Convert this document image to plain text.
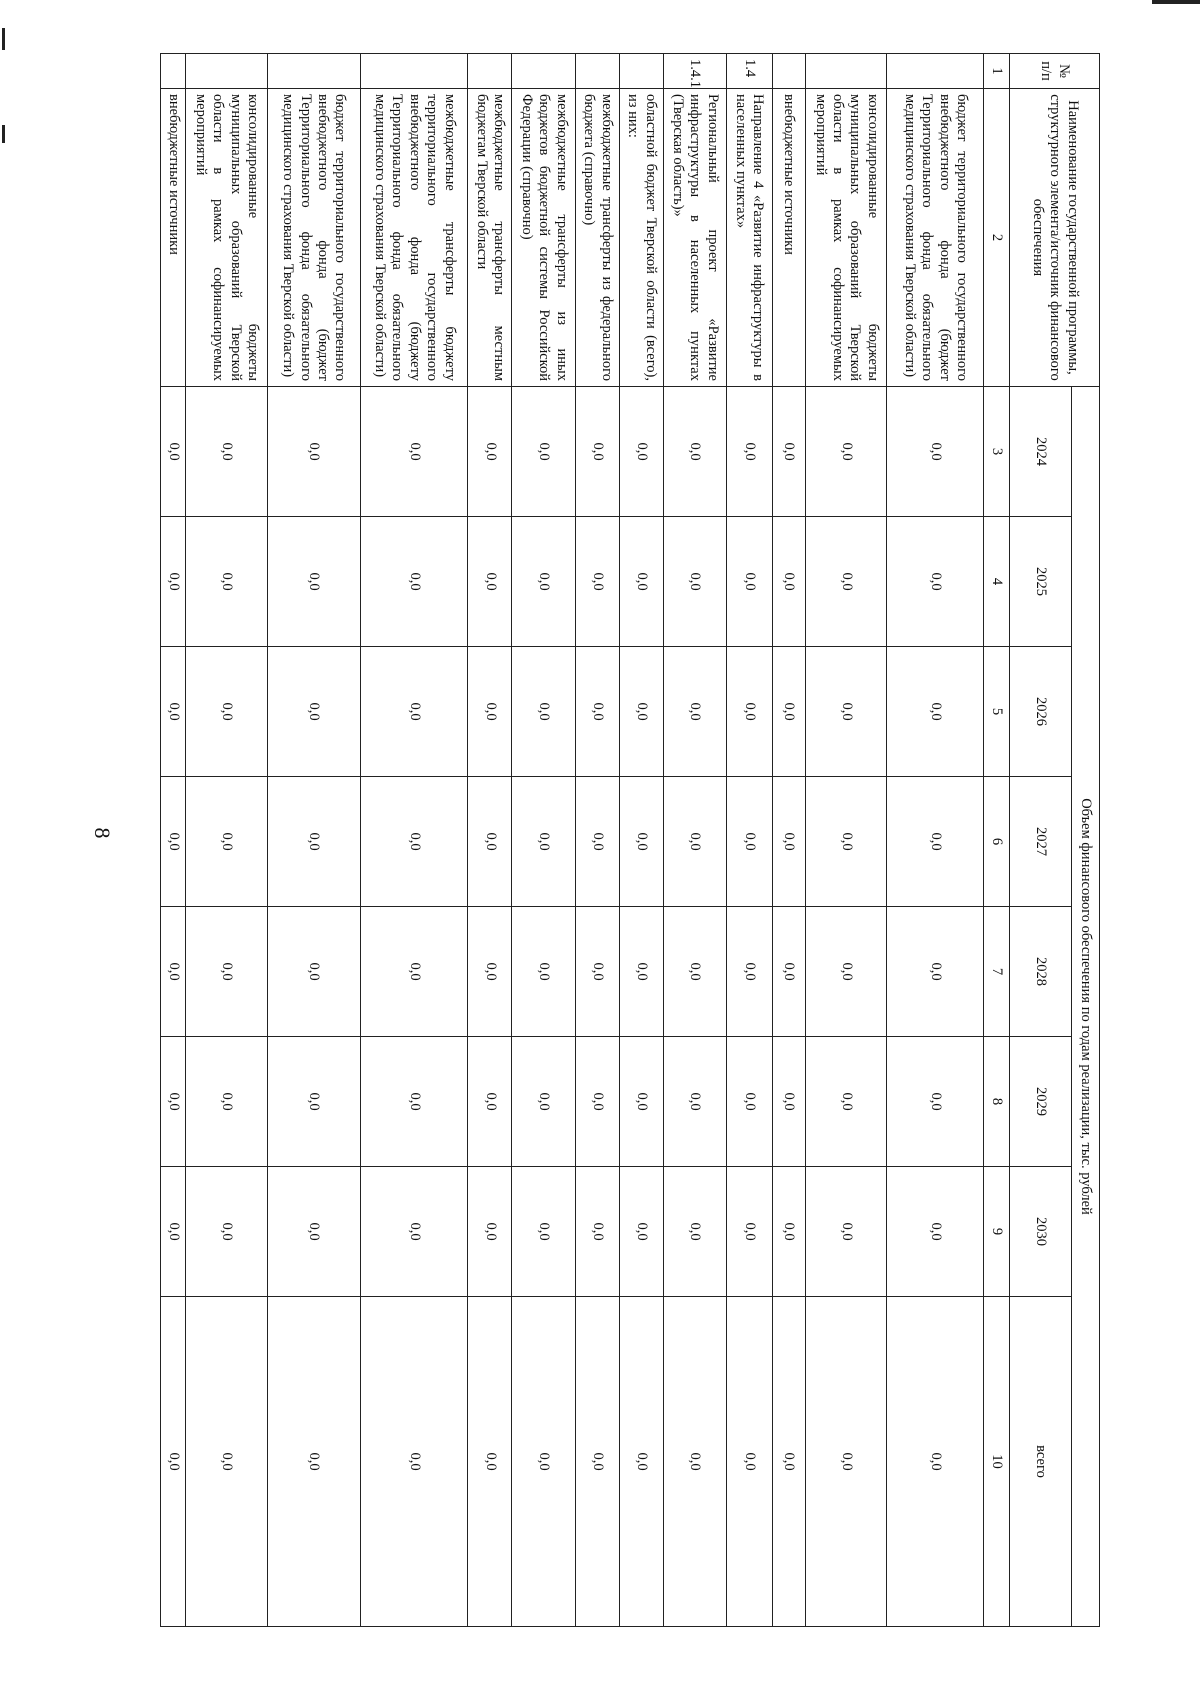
8
№ п/п	Наименование государственной программы, структурного элемента/источник финансового обеспечения	Объем финансового обеспечения по годам реализации, тыс. рублей							
		2024	2025	2026	2027	2028	2029	2030	всего
1	2	3	4	5	6	7	8	9	10
	бюджет территориального государственного внебюджетного фонда (бюджет Территориального фонда обязательного медицинского страхования Тверской области)	0,0	0,0	0,0	0,0	0,0	0,0	0,0	0,0
	консолидированные бюджеты муниципальных образований Тверской области в рамках софинансируемых мероприятий	0,0	0,0	0,0	0,0	0,0	0,0	0,0	0,0
	внебюджетные источники	0,0	0,0	0,0	0,0	0,0	0,0	0,0	0,0
1.4	Направление 4 «Развитие инфраструктуры в населенных пунктах»	0,0	0,0	0,0	0,0	0,0	0,0	0,0	0,0
1.4.1	Региональный проект «Развитие инфраструктуры в населенных пунктах (Тверская область)»	0,0	0,0	0,0	0,0	0,0	0,0	0,0	0,0
	областной бюджет Тверской области (всего), из них:	0,0	0,0	0,0	0,0	0,0	0,0	0,0	0,0
	межбюджетные трансферты из федерального бюджета (справочно)	0,0	0,0	0,0	0,0	0,0	0,0	0,0	0,0
	межбюджетные трансферты из иных бюджетов бюджетной системы Российской Федерации (справочно)	0,0	0,0	0,0	0,0	0,0	0,0	0,0	0,0
	межбюджетные трансферты местным бюджетам Тверской области	0,0	0,0	0,0	0,0	0,0	0,0	0,0	0,0
	межбюджетные трансферты бюджету территориального государственного внебюджетного фонда (бюджету Территориального фонда обязательного медицинского страхования Тверской области)	0,0	0,0	0,0	0,0	0,0	0,0	0,0	0,0
	бюджет территориального государственного внебюджетного фонда (бюджет Территориального фонда обязательного медицинского страхования Тверской области)	0,0	0,0	0,0	0,0	0,0	0,0	0,0	0,0
	консолидированные бюджеты муниципальных образований Тверской области в рамках софинансируемых мероприятий	0,0	0,0	0,0	0,0	0,0	0,0	0,0	0,0
	внебюджетные источники	0,0	0,0	0,0	0,0	0,0	0,0	0,0	0,0
